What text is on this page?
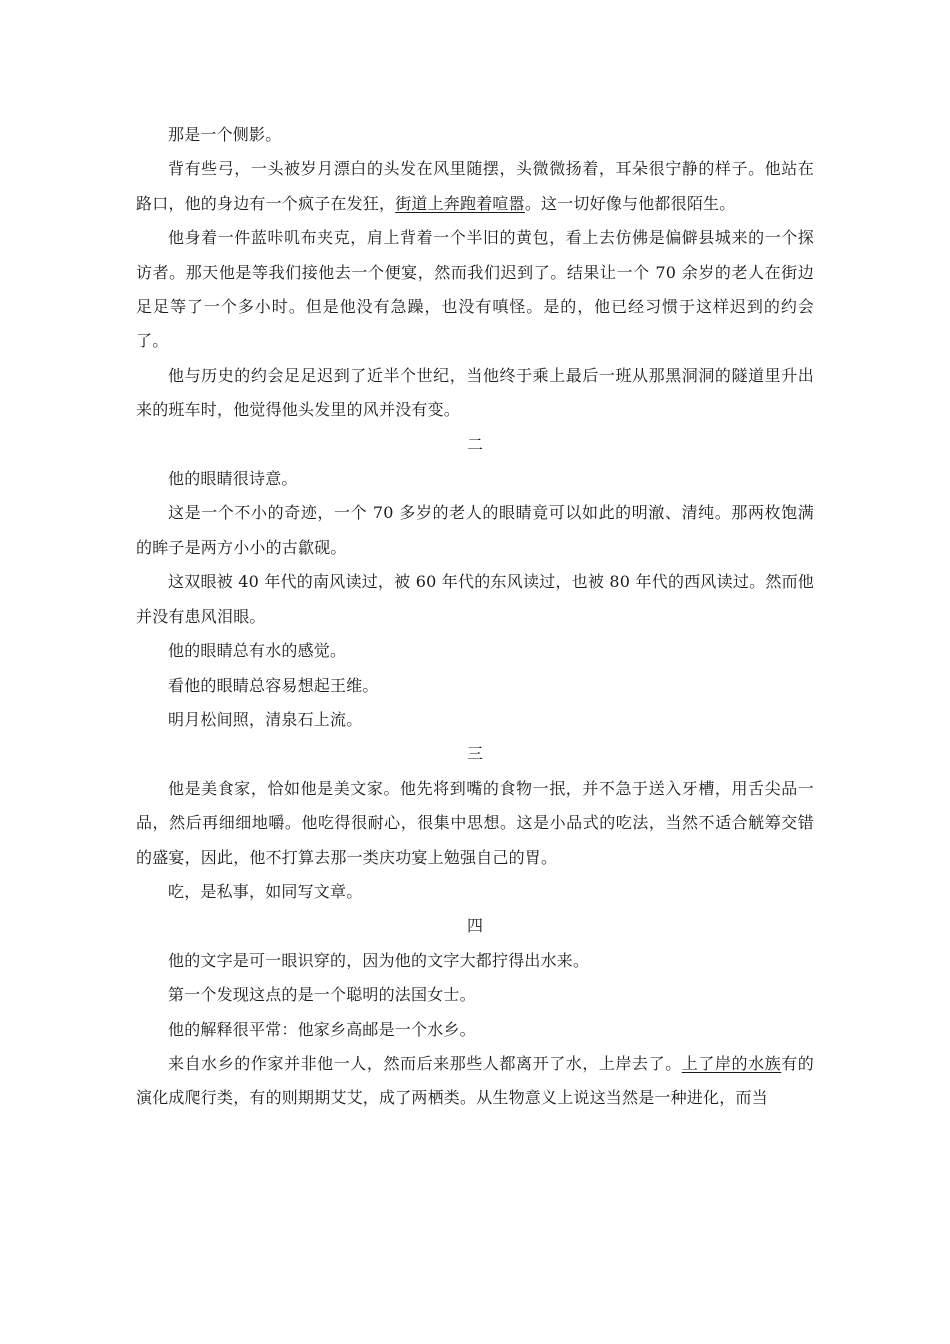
那是一个侧影。

背有些弓，一头被岁月漂白的头发在风里随摆，头微微扬着，耳朵很宁静的样子。他站在路口，他的身边有一个疯子在发狂，街道上奔跑着喧嚣。这一切好像与他都很陌生。

他身着一件蓝咔叽布夹克，肩上背着一个半旧的黄包，看上去仿佛是偏僻县城来的一个探访者。那天他是等我们接他去一个便宴，然而我们迟到了。结果让一个 70 余岁的老人在街边足足等了一个多小时。但是他没有急躁，也没有嗔怪。是的，他已经习惯于这样迟到的约会了。

他与历史的约会足足迟到了近半个世纪，当他终于乘上最后一班从那黑洞洞的隧道里升出来的班车时，他觉得他头发里的风并没有变。

二

他的眼睛很诗意。

这是一个不小的奇迹，一个 70 多岁的老人的眼睛竟可以如此的明澈、清纯。那两枚饱满的眸子是两方小小的古歙砚。

这双眼被 40 年代的南风读过，被 60 年代的东风读过，也被 80 年代的西风读过。然而他并没有患风泪眼。

他的眼睛总有水的感觉。

看他的眼睛总容易想起王维。

明月松间照，清泉石上流。

三

他是美食家，恰如他是美文家。他先将到嘴的食物一抿，并不急于送入牙槽，用舌尖品一品，然后再细细地嚼。他吃得很耐心，很集中思想。这是小品式的吃法，当然不适合觥筹交错的盛宴，因此，他不打算去那一类庆功宴上勉强自己的胃。

吃，是私事，如同写文章。

四

他的文字是可一眼识穿的，因为他的文字大都拧得出水来。

第一个发现这点的是一个聪明的法国女士。

他的解释很平常：他家乡高邮是一个水乡。

来自水乡的作家并非他一人，然而后来那些人都离开了水，上岸去了。上了岸的水族有的演化成爬行类，有的则期期艾艾，成了两栖类。从生物意义上说这当然是一种进化，而当
